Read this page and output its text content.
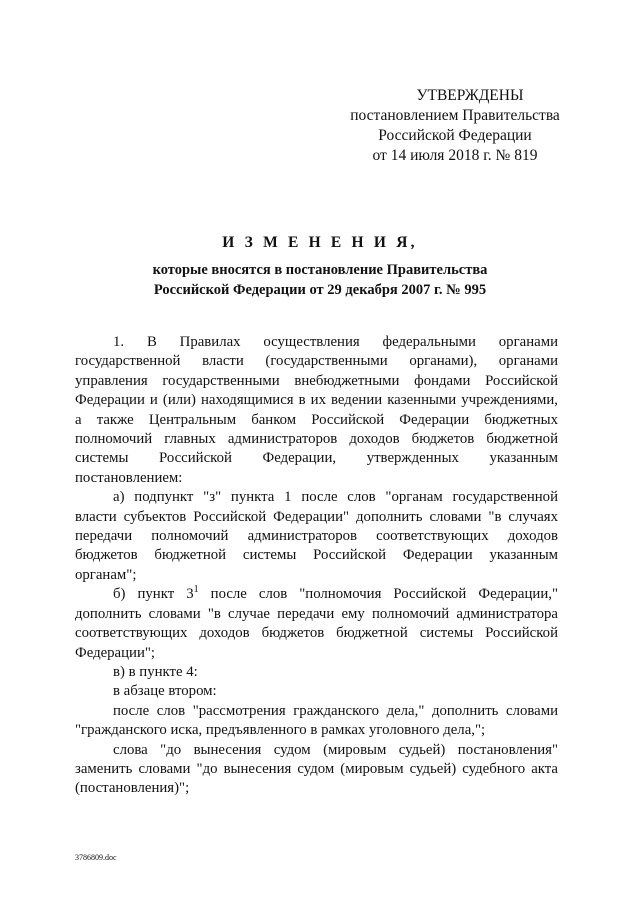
УТВЕРЖДЕНЫ
постановлением Правительства
Российской Федерации
от 14 июля 2018 г. № 819
И З М Е Н Е Н И Я,
которые вносятся в постановление Правительства
Российской Федерации от 29 декабря 2007 г. № 995

1. В Правилах осуществления федеральными органами

государственной власти (государственными органами), органами

управления государственными внебюджетными фондами Российской

Федерации и (или) находящимися в их ведении казенными учреждениями,

а также Центральным банком Российской Федерации бюджетных

полномочий главных администраторов доходов бюджетов бюджетной

системы Российской Федерации, утвержденных указанным

постановлением:

а) подпункт "з" пункта 1 после слов "органам государственной

власти субъектов Российской Федерации" дополнить словами "в случаях

передачи полномочий администраторов соответствующих доходов

бюджетов бюджетной системы Российской Федерации указанным

органам";

б) пункт $3^1$ после слов "полномочия Российской Федерации,"

дополнить словами "в случае передачи ему полномочий администратора

соответствующих доходов бюджетов бюджетной системы Российской

Федерации";

в) в пункте 4:

в абзаце втором:

после слов "рассмотрения гражданского дела," дополнить словами

"гражданского иска, предъявленного в рамках уголовного дела,";

слова "до вынесения судом (мировым судьей) постановления"

заменить словами "до вынесения судом (мировым судьей) судебного акта

(постановления)";

3786809.doc
